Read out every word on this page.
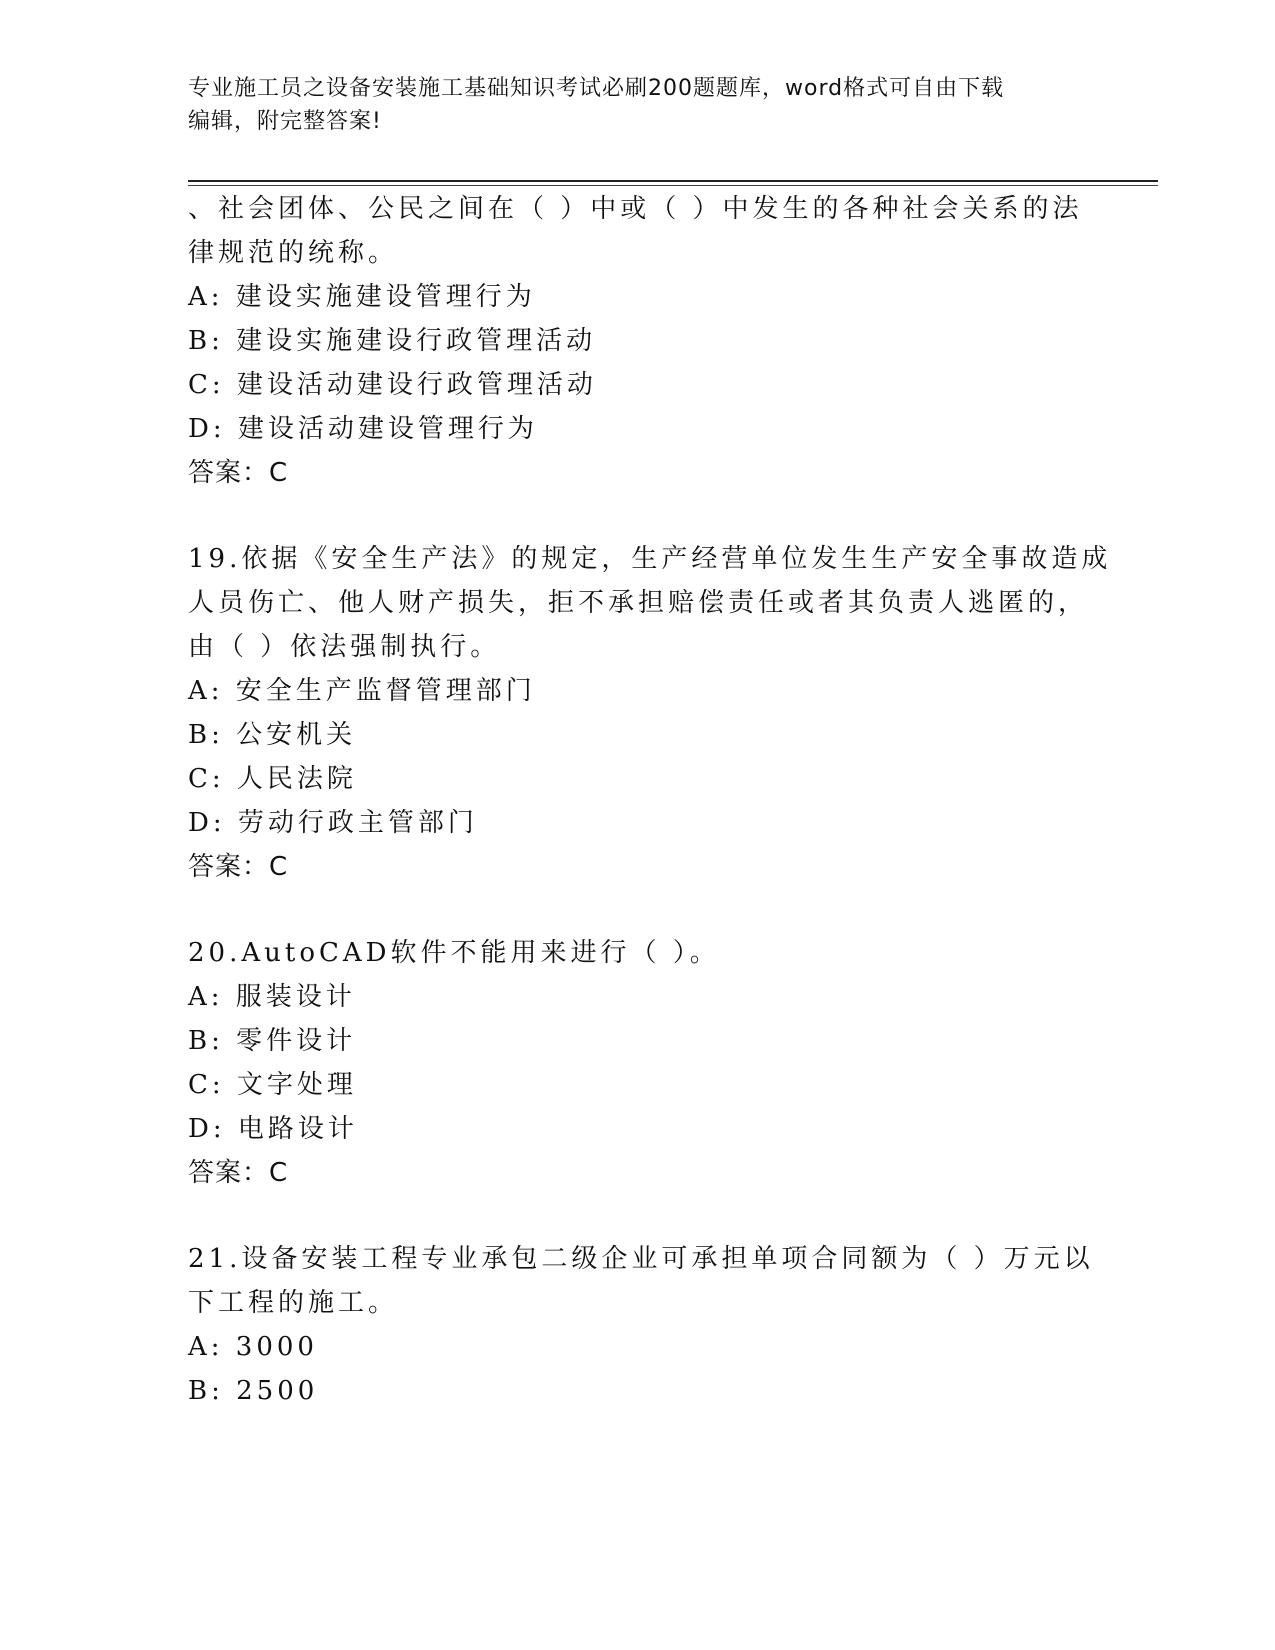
专业施工员之设备安装施工基础知识考试必刷200题题库，word格式可自由下载
编辑，附完整答案!
、社会团体、公民之间在（ ）中或（ ）中发生的各种社会关系的法
律规范的统称。
A: 建设实施建设管理行为
B: 建设实施建设行政管理活动
C: 建设活动建设行政管理活动
D: 建设活动建设管理行为
答案：C
19.依据《安全生产法》的规定，生产经营单位发生生产安全事故造成
人员伤亡、他人财产损失，拒不承担赔偿责任或者其负责人逃匿的，
由（ ）依法强制执行。
A: 安全生产监督管理部门
B: 公安机关
C: 人民法院
D: 劳动行政主管部门
答案：C
20.AutoCAD软件不能用来进行（ ）。
A: 服装设计
B: 零件设计
C: 文字处理
D: 电路设计
答案：C
21.设备安装工程专业承包二级企业可承担单项合同额为（ ）万元以
下工程的施工。
A: 3000
B: 2500
